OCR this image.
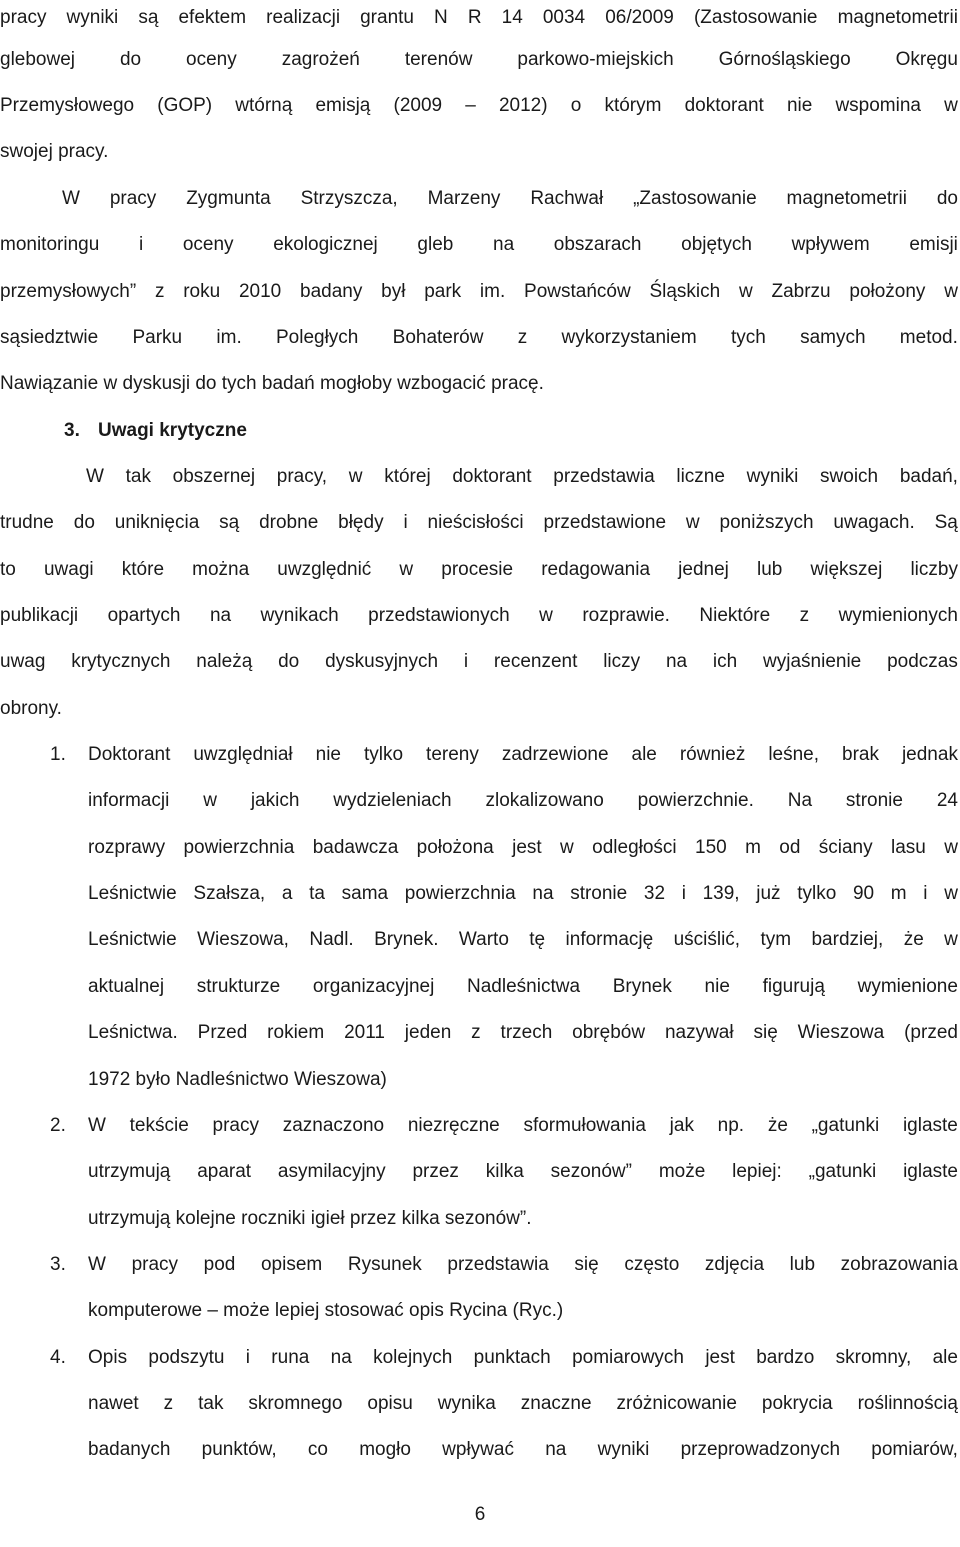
pracy wyniki są efektem realizacji grantu N R 14 0034 06/2009 (Zastosowanie magnetometrii
glebowej do oceny zagrożeń terenów parkowo-miejskich Górnośląskiego Okręgu
Przemysłowego (GOP) wtórną emisją (2009 – 2012) o którym doktorant nie wspomina w
swojej pracy.
W pracy Zygmunta Strzyszcza, Marzeny Rachwał „Zastosowanie magnetometrii do
monitoringu i oceny ekologicznej gleb na obszarach objętych wpływem emisji
przemysłowych” z roku 2010 badany był park im. Powstańców Śląskich w Zabrzu położony w
sąsiedztwie Parku im. Poległych Bohaterów z wykorzystaniem tych samych metod.
Nawiązanie w dyskusji do tych badań mogłoby wzbogacić pracę.
3. Uwagi krytyczne
W tak obszernej pracy, w której doktorant przedstawia liczne wyniki swoich badań,
trudne do uniknięcia są drobne błędy i nieścisłości przedstawione w poniższych uwagach. Są
to uwagi które można uwzględnić w procesie redagowania jednej lub większej liczby
publikacji opartych na wynikach przedstawionych w rozprawie. Niektóre z wymienionych
uwag krytycznych należą do dyskusyjnych i recenzent liczy na ich wyjaśnienie podczas
obrony.
1. Doktorant uwzględniał nie tylko tereny zadrzewione ale również leśne, brak jednak
informacji w jakich wydzieleniach zlokalizowano powierzchnie. Na stronie 24
rozprawy powierzchnia badawcza położona jest w odległości 150 m od ściany lasu w
Leśnictwie Szałsza, a ta sama powierzchnia na stronie 32 i 139, już tylko 90 m i w
Leśnictwie Wieszowa, Nadl. Brynek. Warto tę informację uściślić, tym bardziej, że w
aktualnej strukturze organizacyjnej Nadleśnictwa Brynek nie figurują wymienione
Leśnictwa. Przed rokiem 2011 jeden z trzech obrębów nazywał się Wieszowa (przed
1972 było Nadleśnictwo Wieszowa)
2. W tekście pracy zaznaczono niezręczne sformułowania jak np. że „gatunki iglaste
utrzymują aparat asymilacyjny przez kilka sezonów” może lepiej: „gatunki iglaste
utrzymują kolejne roczniki igieł przez kilka sezonów”.
3. W pracy pod opisem Rysunek przedstawia się często zdjęcia lub zobrazowania
komputerowe – może lepiej stosować opis Rycina (Ryc.)
4. Opis podszytu i runa na kolejnych punktach pomiarowych jest bardzo skromny, ale
nawet z tak skromnego opisu wynika znaczne zróżnicowanie pokrycia roślinnością
badanych punktów, co mogło wpływać na wyniki przeprowadzonych pomiarów,
6
